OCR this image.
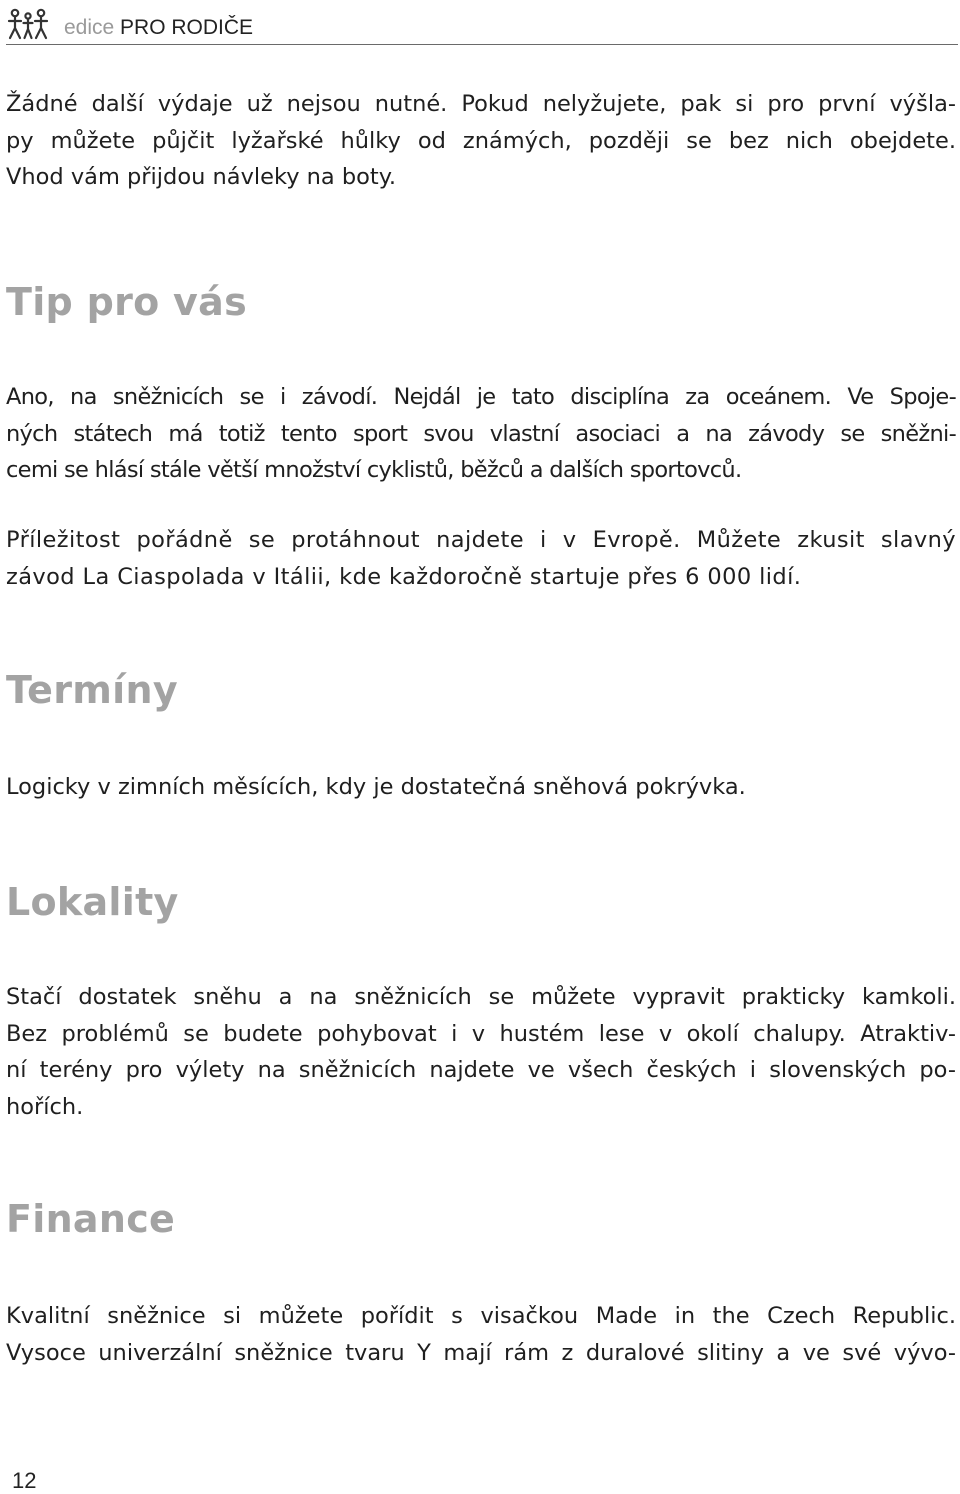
edice PRO RODIČE

Žádné další výdaje už nejsou nutné. Pokud nelyžujete, pak si pro první výšla-
py můžete půjčit lyžařské hůlky od známých, později se bez nich obejdete.
Vhod vám přijdou návleky na boty.

Tip pro vás

Ano, na sněžnicích se i závodí. Nejdál je tato disciplína za oceánem. Ve Spoje-
ných státech má totiž tento sport svou vlastní asociaci a na závody se sněžni-
cemi se hlásí stále větší množství cyklistů, běžců a dalších sportovců.

Příležitost pořádně se protáhnout najdete i v Evropě. Můžete zkusit slavný
závod La Ciaspolada v Itálii, kde každoročně startuje přes 6 000 lidí.

Termíny

Logicky v zimních měsících, kdy je dostatečná sněhová pokrývka.

Lokality

Stačí dostatek sněhu a na sněžnicích se můžete vypravit prakticky kamkoli.
Bez problémů se budete pohybovat i v hustém lese v okolí chalupy. Atraktiv-
ní terény pro výlety na sněžnicích najdete ve všech českých i slovenských po-
hořích.

Finance

Kvalitní sněžnice si můžete pořídit s visačkou Made in the Czech Republic.
Vysoce univerzální sněžnice tvaru Y mají rám z duralové slitiny a ve své vývo-

12
